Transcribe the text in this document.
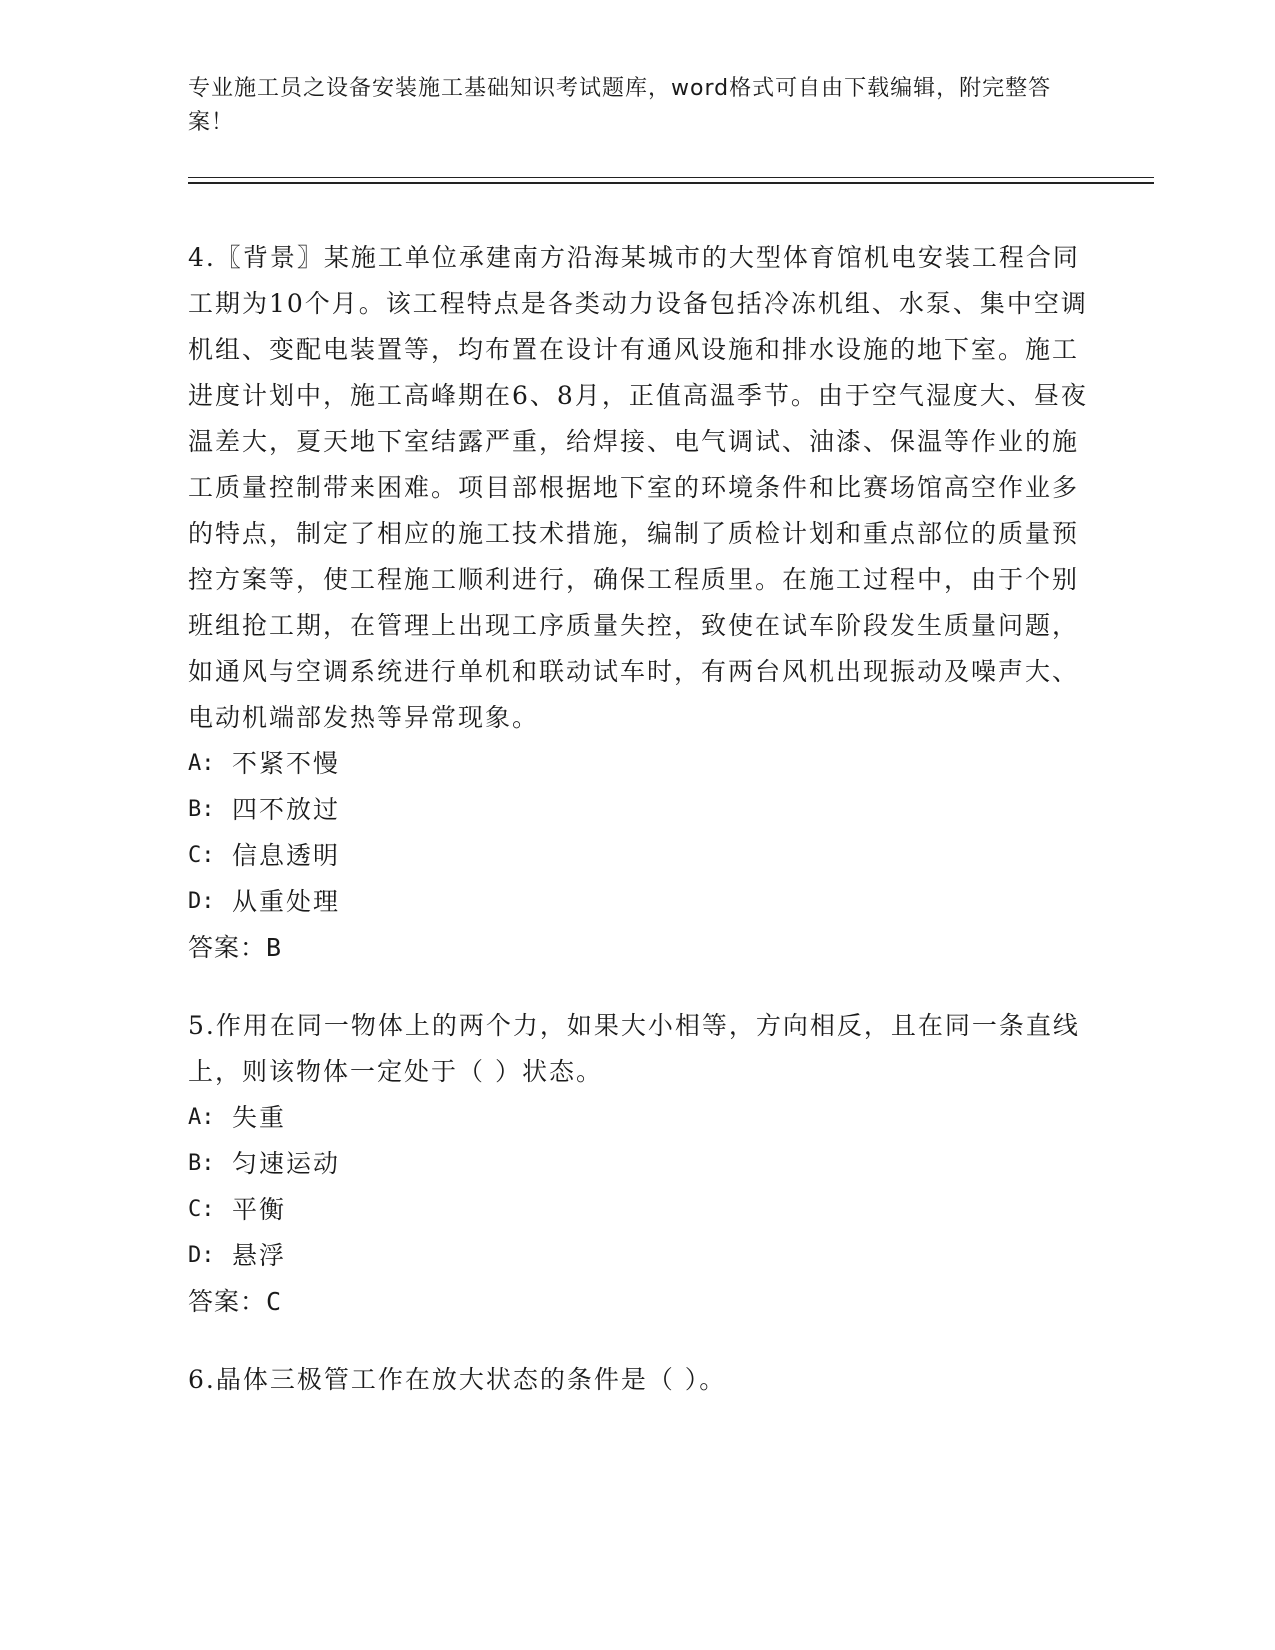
专业施工员之设备安装施工基础知识考试题库，word格式可自由下载编辑，附完整答案！

4.〖背景〗某施工单位承建南方沿海某城市的大型体育馆机电安装工程合同工期为10个月。该工程特点是各类动力设备包括冷冻机组、水泵、集中空调机组、变配电装置等，均布置在设计有通风设施和排水设施的地下室。施工进度计划中，施工高峰期在6、8月，正值高温季节。由于空气湿度大、昼夜温差大，夏天地下室结露严重，给焊接、电气调试、油漆、保温等作业的施工质量控制带来困难。项目部根据地下室的环境条件和比赛场馆高空作业多的特点，制定了相应的施工技术措施，编制了质检计划和重点部位的质量预控方案等，使工程施工顺利进行，确保工程质里。在施工过程中，由于个别班组抢工期，在管理上出现工序质量失控，致使在试车阶段发生质量问题，如通风与空调系统进行单机和联动试车时，有两台风机出现振动及噪声大、电动机端部发热等异常现象。

A: 不紧不慢
B: 四不放过
C: 信息透明
D: 从重处理

答案：B

5.作用在同一物体上的两个力，如果大小相等，方向相反，且在同一条直线上，则该物体一定处于（ ）状态。

A: 失重
B: 匀速运动
C: 平衡
D: 悬浮

答案：C

6.晶体三极管工作在放大状态的条件是（ ）。
